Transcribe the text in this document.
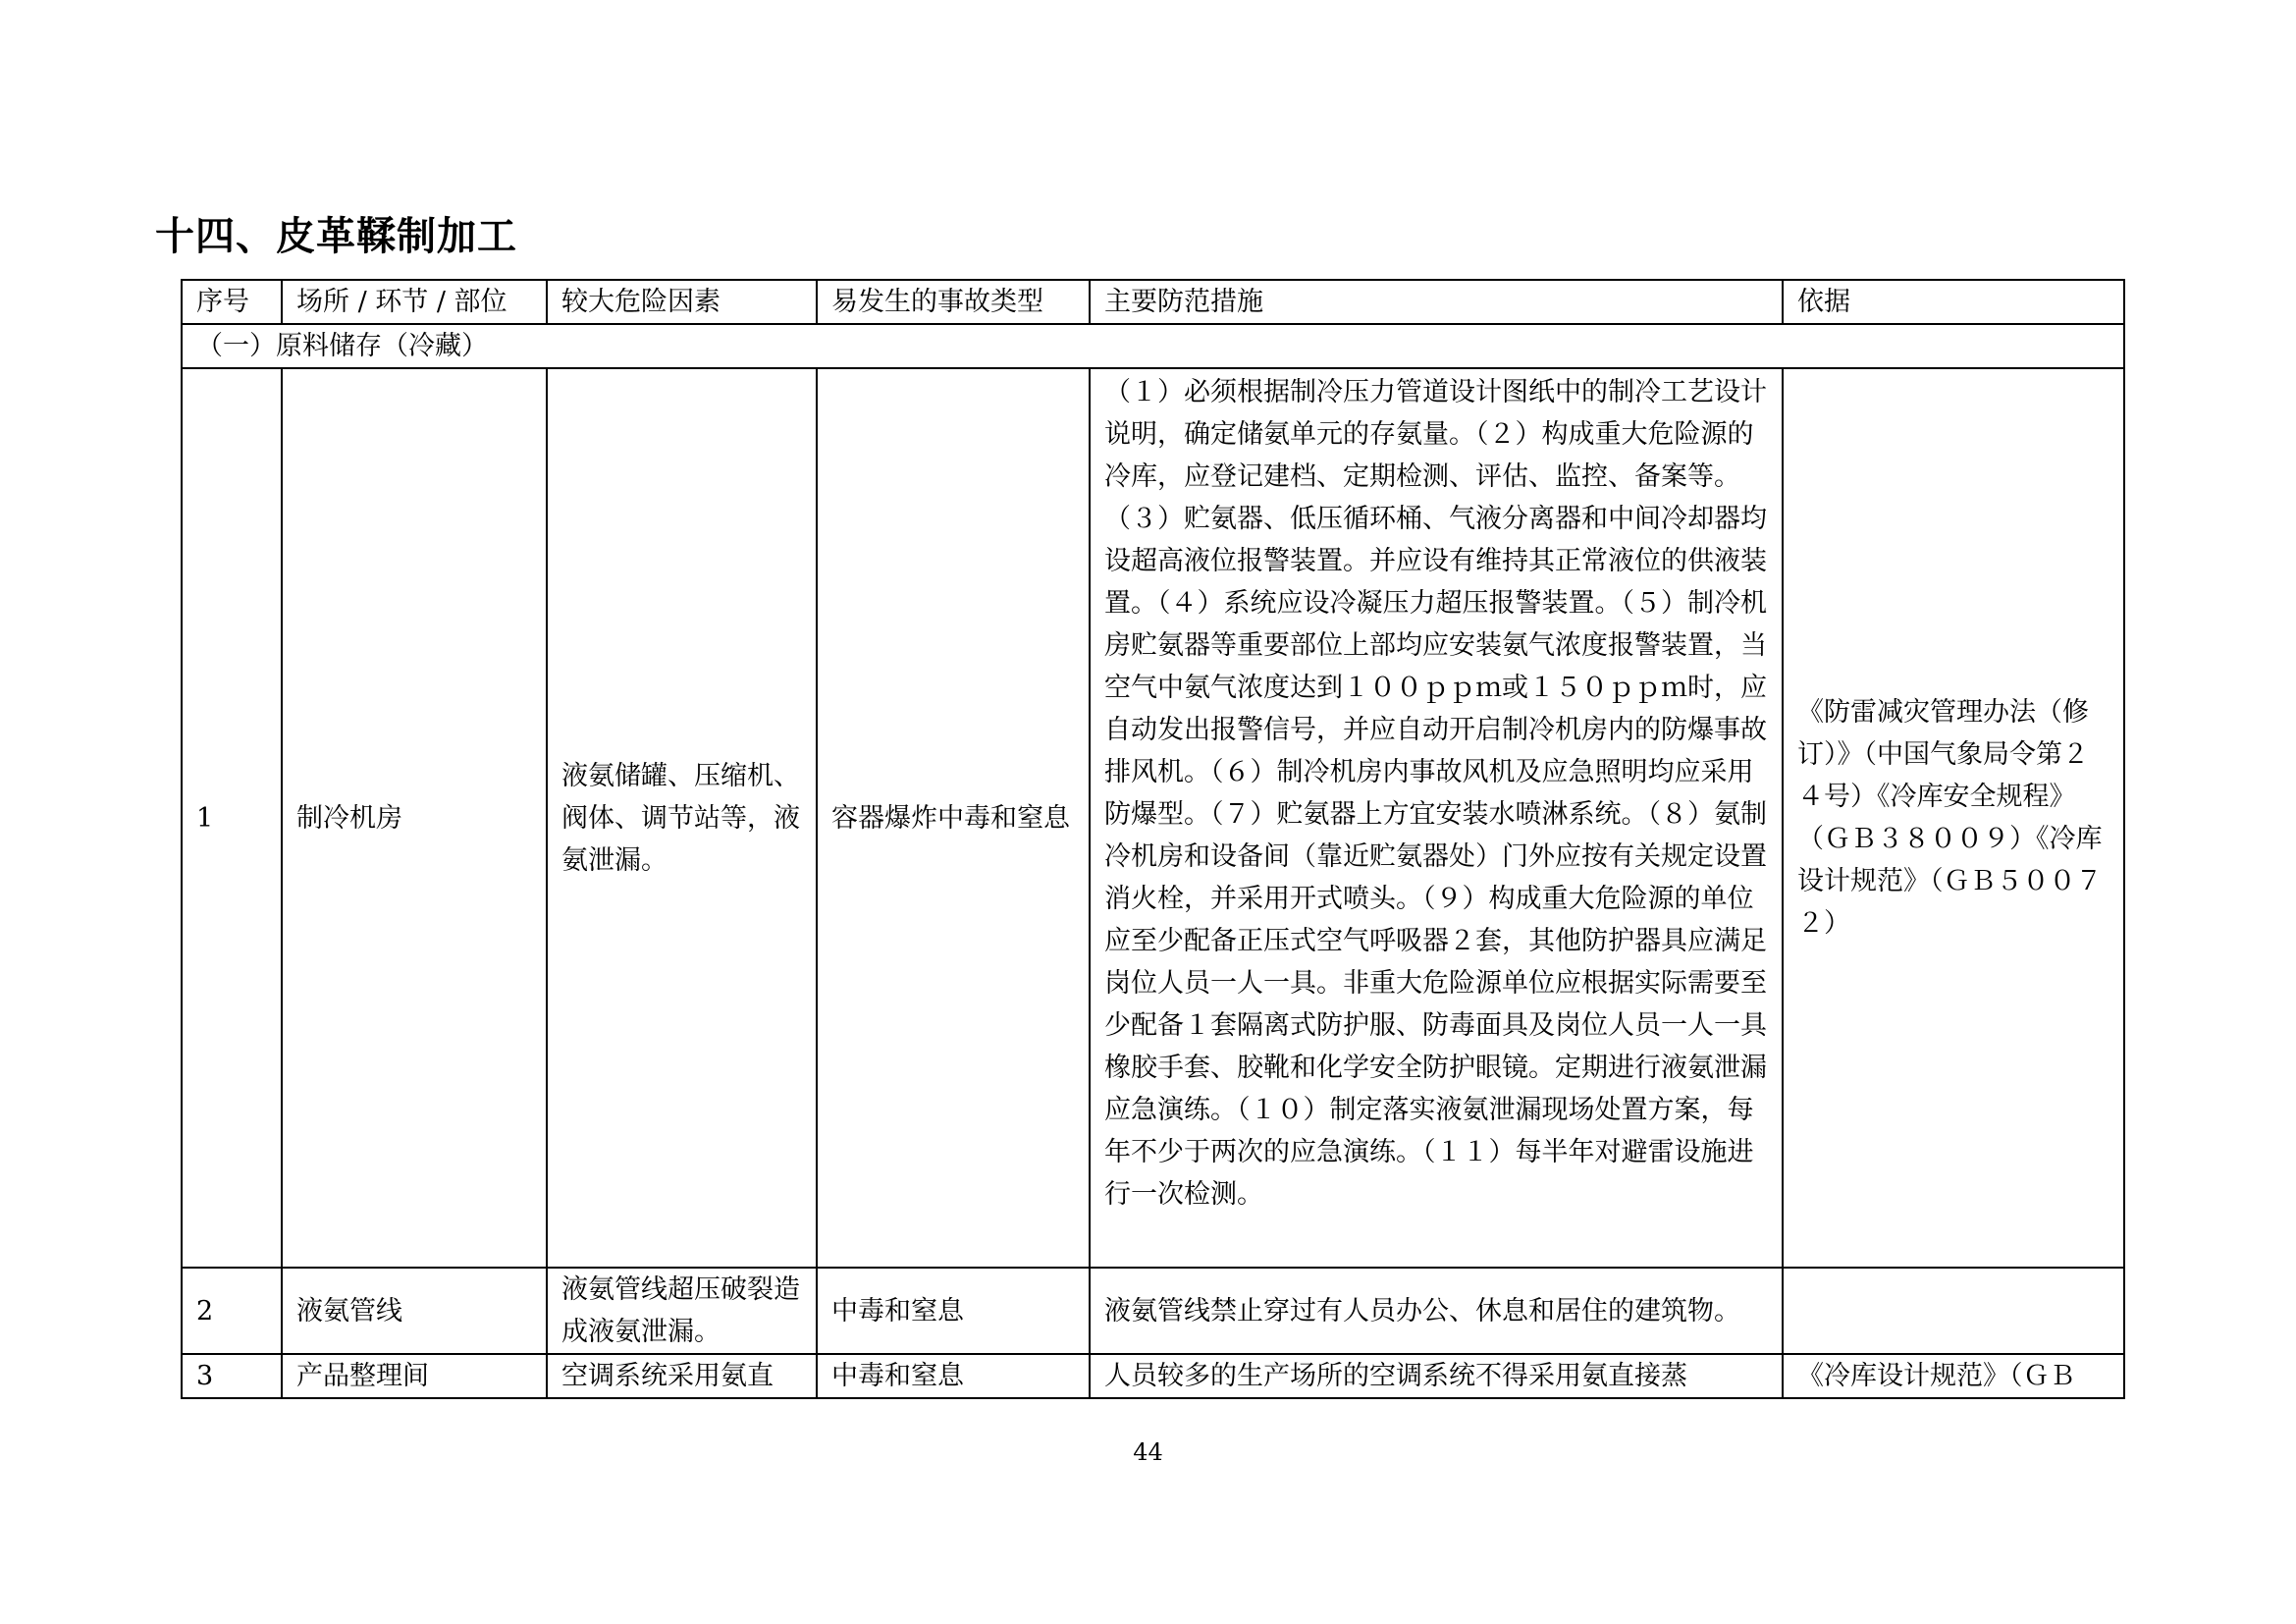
十四、皮革鞣制加工
序号	场所 / 环节 / 部位	较大危险因素	易发生的事故类型	主要防范措施	依据
（一）原料储存（冷藏）					
1	制冷机房	液氨储罐、压缩机、阀体、调节站等，液氨泄漏。	容器爆炸中毒和窒息	（１）必须根据制冷压力管道设计图纸中的制冷工艺设计说明，确定储氨单元的存氨量。（２）构成重大危险源的冷库，应登记建档、定期检测、评估、监控、备案等。（３）贮氨器、低压循环桶、气液分离器和中间冷却器均设超高液位报警装置。并应设有维持其正常液位的供液装置。（４）系统应设冷凝压力超压报警装置。（５）制冷机房贮氨器等重要部位上部均应安装氨气浓度报警装置，当空气中氨气浓度达到１００ｐｐｍ或１５０ｐｐｍ时，应自动发出报警信号，并应自动开启制冷机房内的防爆事故排风机。（６）制冷机房内事故风机及应急照明均应采用防爆型。（７）贮氨器上方宜安装水喷淋系统。（８）氨制冷机房和设备间（靠近贮氨器处）门外应按有关规定设置消火栓，并采用开式喷头。（９）构成重大危险源的单位应至少配备正压式空气呼吸器２套，其他防护器具应满足岗位人员一人一具。非重大危险源单位应根据实际需要至少配备１套隔离式防护服、防毒面具及岗位人员一人一具橡胶手套、胶靴和化学安全防护眼镜。定期进行液氨泄漏应急演练。（１０）制定落实液氨泄漏现场处置方案，每年不少于两次的应急演练。（１１）每半年对避雷设施进行一次检测。	《防雷减灾管理办法（修订）》（中国气象局令第２４号）《冷库安全规程》（ＧＢ３８００９）《冷库设计规范》（ＧＢ５００７２）
2	液氨管线	液氨管线超压破裂造成液氨泄漏。	中毒和窒息	液氨管线禁止穿过有人员办公、休息和居住的建筑物。	
3	产品整理间	空调系统采用氨直	中毒和窒息	人员较多的生产场所的空调系统不得采用氨直接蒸	《冷库设计规范》（ＧＢ
44
